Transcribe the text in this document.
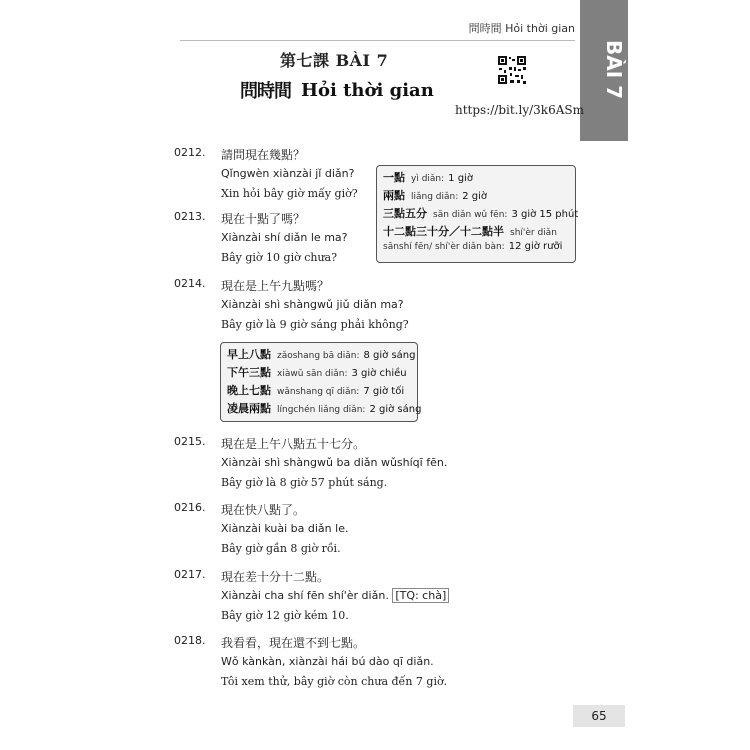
問時間 Hỏi thời gian
BÀI 7
第七課 BÀI 7
問時間 Hỏi thời gian
https://bit.ly/3k6ASm
0212. 請問現在幾點？
Qǐngwèn xiànzài jǐ diǎn?
Xin hỏi bây giờ mấy giờ?
0213. 現在十點了嗎？
Xiànzài shí diǎn le ma?
Bây giờ 10 giờ chưa?
一點 yì diǎn: 1 giờ
兩點 liǎng diǎn: 2 giờ
三點五分 sān diǎn wǔ fēn: 3 giờ 15 phút
十二點三十分／十二點半 shí'èr diǎn
sānshí fēn/ shí'èr diǎn bàn: 12 giờ rưỡi
0214. 現在是上午九點嗎？
Xiànzài shì shàngwǔ jiǔ diǎn ma?
Bây giờ là 9 giờ sáng phải không?
早上八點 zǎoshang bā diǎn: 8 giờ sáng
下午三點 xiàwǔ sān diǎn: 3 giờ chiều
晚上七點 wǎnshang qī diǎn: 7 giờ tối
凌晨兩點 língchén liǎng diǎn: 2 giờ sáng
0215. 現在是上午八點五十七分。
Xiànzài shì shàngwǔ ba diǎn wǔshíqī fēn.
Bây giờ là 8 giờ 57 phút sáng.
0216. 現在快八點了。
Xiànzài kuài ba diǎn le.
Bây giờ gần 8 giờ rồi.
0217. 現在差十分十二點。
Xiànzài cha shí fēn shí'èr diǎn. [TQ: chà]
Bây giờ 12 giờ kém 10.
0218. 我看看，現在還不到七點。
Wǒ kànkàn, xiànzài hái bú dào qī diǎn.
Tôi xem thử, bây giờ còn chưa đến 7 giờ.
65
